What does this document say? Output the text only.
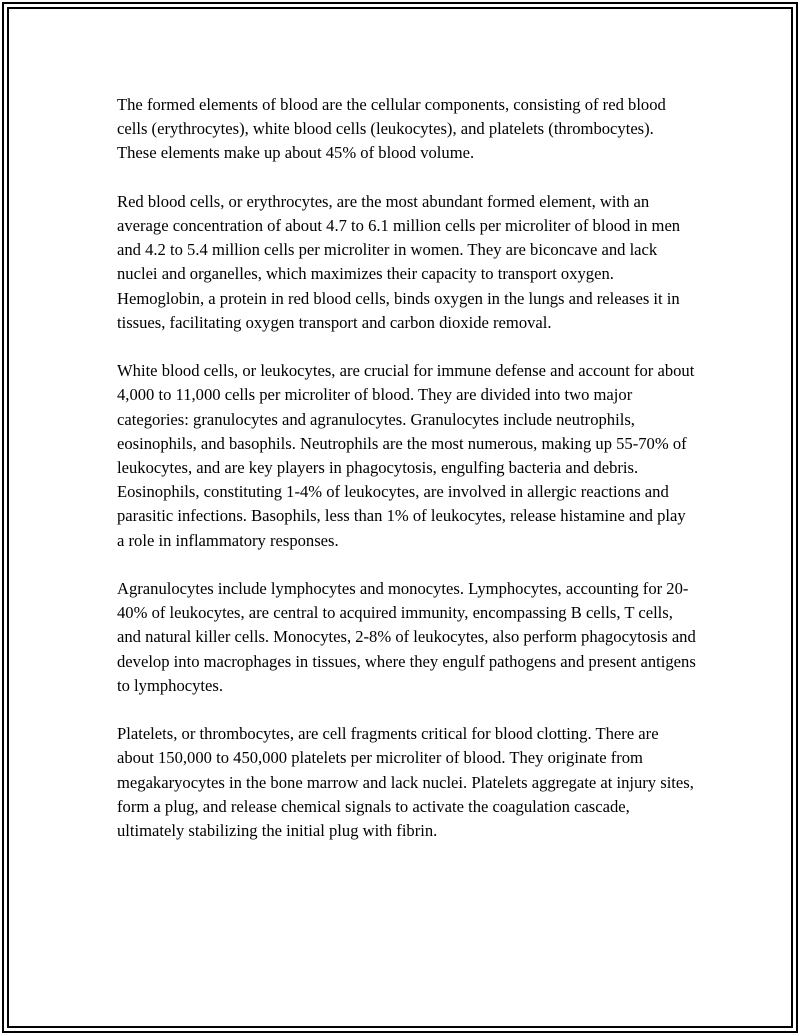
The formed elements of blood are the cellular components, consisting of red blood cells (erythrocytes), white blood cells (leukocytes), and platelets (thrombocytes). These elements make up about 45% of blood volume.

Red blood cells, or erythrocytes, are the most abundant formed element, with an average concentration of about 4.7 to 6.1 million cells per microliter of blood in men and 4.2 to 5.4 million cells per microliter in women. They are biconcave and lack nuclei and organelles, which maximizes their capacity to transport oxygen. Hemoglobin, a protein in red blood cells, binds oxygen in the lungs and releases it in tissues, facilitating oxygen transport and carbon dioxide removal.

White blood cells, or leukocytes, are crucial for immune defense and account for about 4,000 to 11,000 cells per microliter of blood. They are divided into two major categories: granulocytes and agranulocytes. Granulocytes include neutrophils, eosinophils, and basophils. Neutrophils are the most numerous, making up 55-70% of leukocytes, and are key players in phagocytosis, engulfing bacteria and debris. Eosinophils, constituting 1-4% of leukocytes, are involved in allergic reactions and parasitic infections. Basophils, less than 1% of leukocytes, release histamine and play a role in inflammatory responses.

Agranulocytes include lymphocytes and monocytes. Lymphocytes, accounting for 20-40% of leukocytes, are central to acquired immunity, encompassing B cells, T cells, and natural killer cells. Monocytes, 2-8% of leukocytes, also perform phagocytosis and develop into macrophages in tissues, where they engulf pathogens and present antigens to lymphocytes.

Platelets, or thrombocytes, are cell fragments critical for blood clotting. There are about 150,000 to 450,000 platelets per microliter of blood. They originate from megakaryocytes in the bone marrow and lack nuclei. Platelets aggregate at injury sites, form a plug, and release chemical signals to activate the coagulation cascade, ultimately stabilizing the initial plug with fibrin.
